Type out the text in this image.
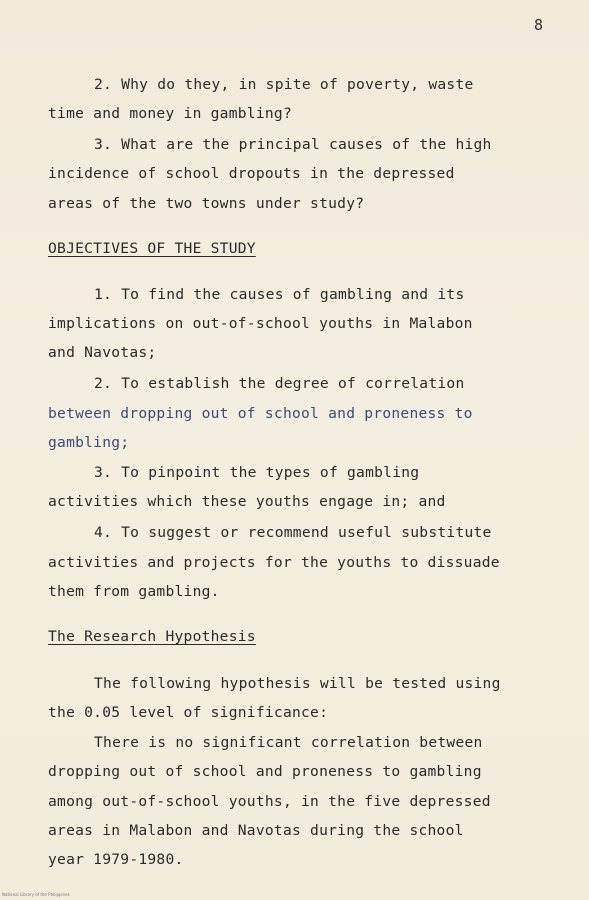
8
2. Why do they, in spite of poverty, waste
time and money in gambling?
3. What are the principal causes of the high
incidence of school dropouts in the depressed
areas of the two towns under study?
OBJECTIVES OF THE STUDY
1. To find the causes of gambling and its
implications on out-of-school youths in Malabon
and Navotas;
2. To establish the degree of correlation
between dropping out of school and proneness to
gambling;
3. To pinpoint the types of gambling
activities which these youths engage in; and
4. To suggest or recommend useful substitute
activities and projects for the youths to dissuade
them from gambling.
The Research Hypothesis
The following hypothesis will be tested using
the 0.05 level of significance:
There is no significant correlation between
dropping out of school and proneness to gambling
among out-of-school youths, in the five depressed
areas in Malabon and Navotas during the school
year 1979-1980.
National Library of the Philippines
